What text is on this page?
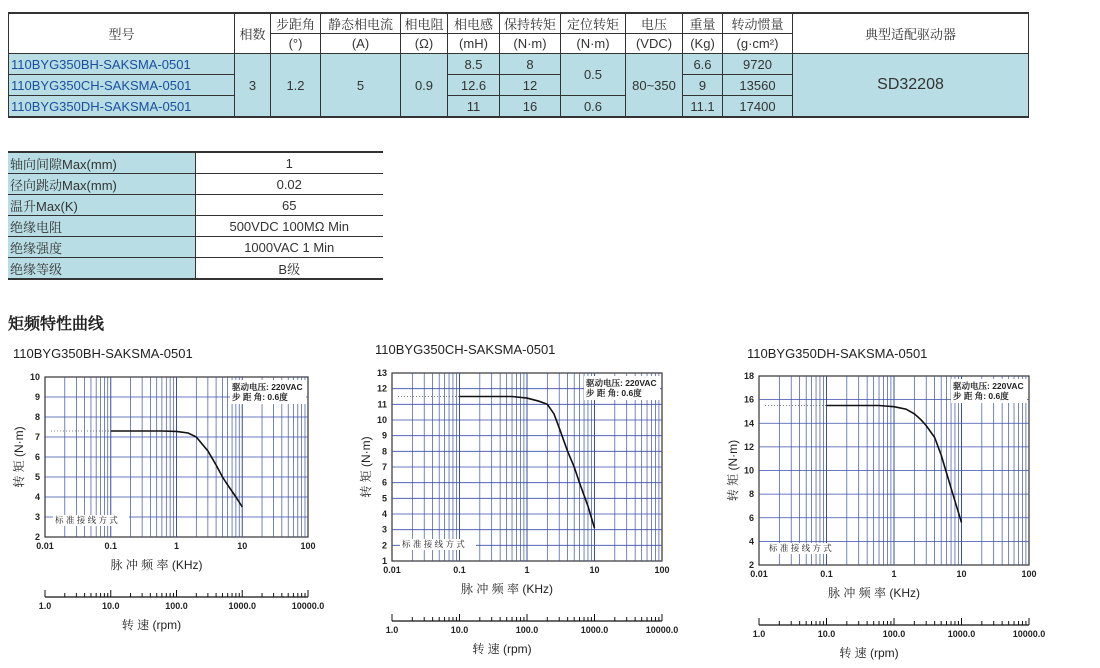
型号	相数	步距角	静态相电流	相电阻	相电感	保持转矩	定位转矩	电压	重量	转动惯量	典型适配驱动器
		(°)	(A)	(Ω)	(mH)	(N·m)	(N·m)	(VDC)	(Kg)	(g·cm²)	
110BYG350BH-SAKSMA-0501	3	1.2	5	0.9	8.5	8	0.5	80~350	6.6	9720	SD32208
110BYG350CH-SAKSMA-0501					12.6	12			9	13560	
110BYG350DH-SAKSMA-0501					11	16	0.6		11.1	17400	
轴向间隙Max(mm)	1
径向跳动Max(mm)	0.02
温升Max(K)	65
绝缘电阻	500VDC 100MΩ Min
绝缘强度	1000VAC 1 Min
绝缘等级	B级
矩频特性曲线
110BYG350BH-SAKSMA-0501
2
3
4
5
6
7
8
9
10
0.01	0.1	1	10	100
转 矩 (N·m)
脉 冲 频 率 (KHz)
驱动电压: 220VAC
步 距 角: 0.6度
标 准 接 线 方 式
1.0	10.0	100.0	1000.0	10000.0
转 速 (rpm)
110BYG350CH-SAKSMA-0501
1
2
3
4
5
6
7
8
9
10
11
12
13
0.01	0.1	1	10	100
转 矩 (N·m)
脉 冲 频 率 (KHz)
驱动电压: 220VAC
步 距 角: 0.6度
标 准 接 线 方 式
1.0	10.0	100.0	1000.0	10000.0
转 速 (rpm)
110BYG350DH-SAKSMA-0501
2
4
6
8
10
12
14
16
18
0.01	0.1	1	10	100
转 矩 (N·m)
脉 冲 频 率 (KHz)
驱动电压: 220VAC
步 距 角: 0.6度
标 准 接 线 方 式
1.0	10.0	100.0	1000.0	10000.0
转 速 (rpm)
